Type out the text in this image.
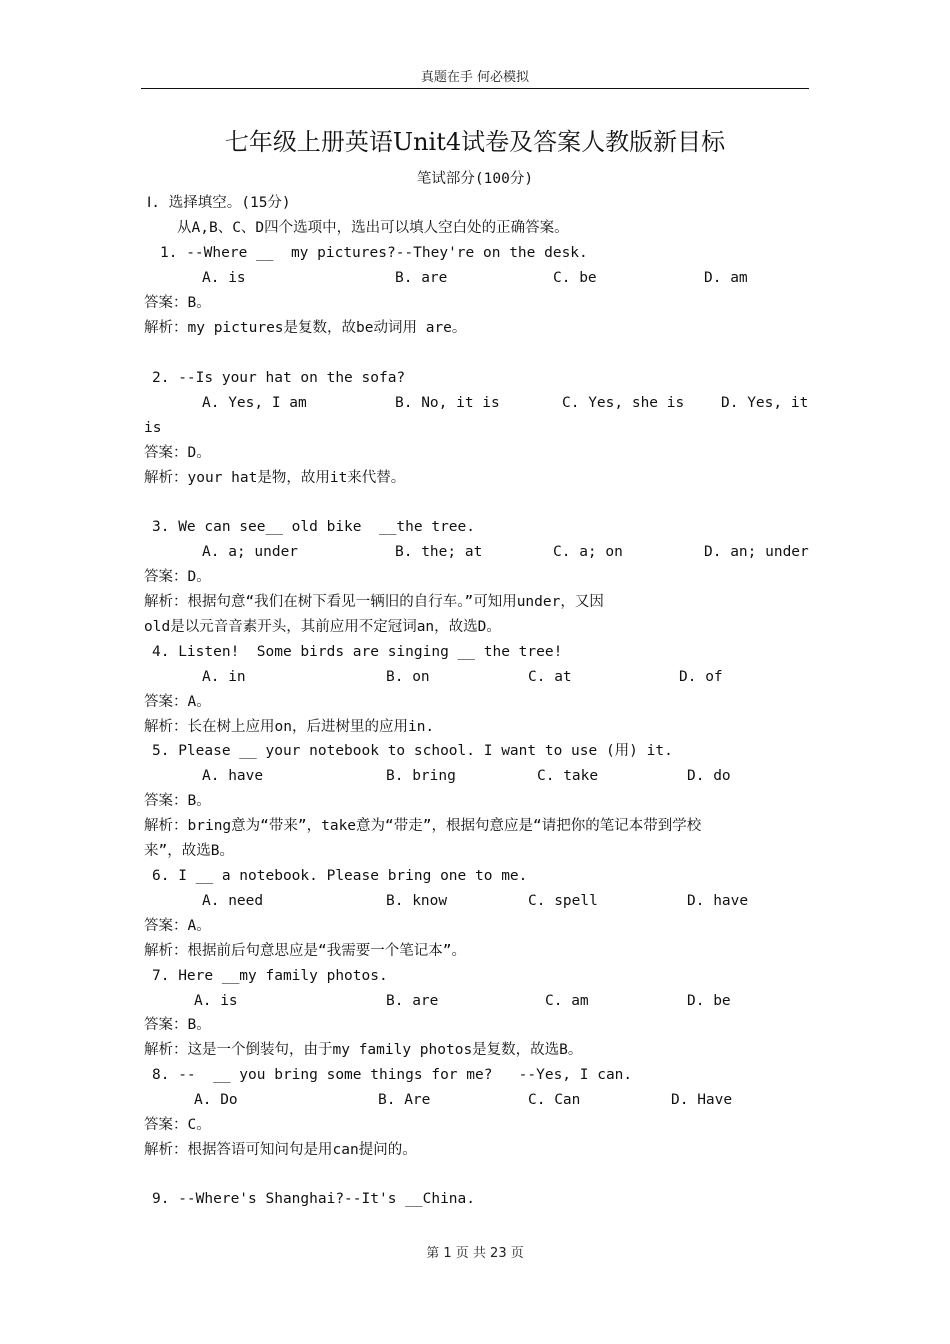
真题在手 何必模拟
七年级上册英语Unit4试卷及答案人教版新目标
笔试部分(100分)
Ⅰ. 选择填空。(15分)
从A,B、C、D四个选项中，选出可以填人空白处的正确答案。
1. --Where __  my pictures?--They're on the desk.
A. is	B. are	C. be	D. am
答案：B。
解析：my pictures是复数，故be动词用 are。
2. --Is your hat on the sofa?
A. Yes, I am	B. No, it is	C. Yes, she is	D. Yes, it
is
答案：D。
解析：your hat是物，故用it来代替。
3. We can see__ old bike  __the tree.
A. a; under	B. the; at	C. a; on	D. an; under
答案：D。
解析：根据句意“我们在树下看见一辆旧的自行车。”可知用under，又因
old是以元音音素开头，其前应用不定冠词an，故选D。
4. Listen!  Some birds are singing __ the tree!
A. in	B. on	C. at	D. of
答案：A。
解析：长在树上应用on，后进树里的应用in.
5. Please __ your notebook to school. I want to use (用) it.
A. have	B. bring	C. take	D. do
答案：B。
解析：bring意为“带来”，take意为“带走”，根据句意应是“请把你的笔记本带到学校
来”，故选B。
6. I __ a notebook. Please bring one to me.
A. need	B. know	C. spell	D. have
答案：A。
解析：根据前后句意思应是“我需要一个笔记本”。
7. Here __my family photos.
A. is	B. are	C. am	D. be
答案：B。
解析：这是一个倒装句，由于my family photos是复数，故选B。
8. --  __ you bring some things for me?   --Yes, I can.
A. Do	B. Are	C. Can	D. Have
答案：C。
解析：根据答语可知问句是用can提问的。
9. --Where's Shanghai?--It's __China.
第 1 页 共 23 页
